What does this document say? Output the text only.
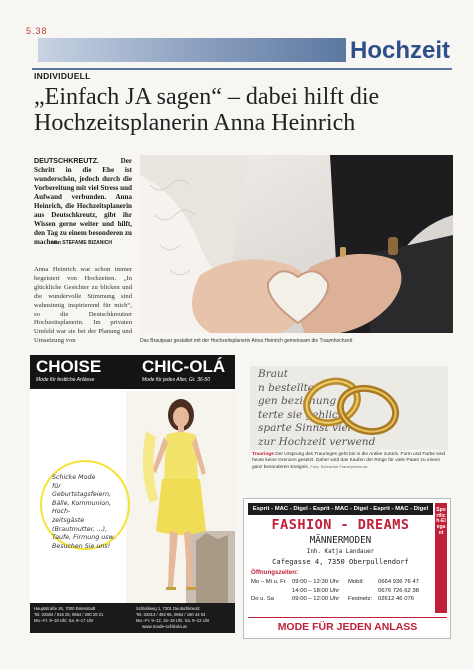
5.38
Hochzeit
INDIVIDUELL
„Einfach JA sagen“ – dabei hilft die
Hochzeitsplanerin Anna Heinrich
DEUTSCHKREUTZ.	Der Schritt in die Ehe ist wunderschön, jedoch durch die Vorbereitung mit viel Stress und Aufwand verbunden. Anna Heinrich, die Hochzeitsplanerin aus Deutschkreutz, gibt ihr Wissen gerne weiter und hilft, den Tag zu einem besonderen zu machen.
von STEFANIE BIZANICH
Anna Heinrich war schon immer begeistert von Hochzeiten. „In glückliche Gesichter zu blicken und die wundervolle Stimmung sind wahnsinnig inspirierend für mich“, so die Deutschkreutzer Hochzeitsplanerin. Im privaten Umfeld war sie bei der Planung und Umsetzung von	Das Brautpaar gestaltet mit der Hochzeitsplanerin Anna Heinrich gemeinsam die Traumhochzeit
CHOISE
Mode für festliche Anlässe
CHIC-OLÁ
Mode für jedes Alter, Gr. 36-50
Schicke Mode
für Geburtstagsfeiern,
Bälle, Kommunion, Hoch-
zeitsgäste (Brautmutter, ...),
Taufe, Firmung usw.
Besuchen Sie uns!
Hauptstraße 26, 7000 Eisenstadt
Tel. 02682 / 616 29, 0664 / 280 28 21
Mo.–Fr. 9–18 Uhr, Sa. 9–17 Uhr
Schloßweg 1, 7301 Deutschkreutz
Tel. 02613 / 492 65, 0664 / 160 44 04
Mo.–Fr. 9–12, 15–18 Uhr, Sa. 9–12 Uhr
www.mode-schikola.at
Braut
n bestellte
gen beziehung
terte sie gehlich.
sparte Sinnst viel
zur Hochzeit verwend
Trauringe Der Ursprung des Trauringes geht bis in die Antike zurück. Form und Farbe sind heute keine Grenzen gesetzt. Daher wird das Kaufen der Ringe für viele Paare zu einem ganz besonderen Ereignis. Foto: Schnecke Franz/pixelio.de
Esprit - MAC - Digel - Esprit - MAC - Digel - Esprit - MAC - Digel	Sportlich-Elegant
FASHION - DREAMS
MÄNNERMODEN
Inh. Katja Landauer
Cafegasse 4, 7350 Oberpullendorf
Öffnungszeiten:
Mo – Mi u. Fr 09:00 – 12:30 Uhr Mobil: 0664 936 76 47
14:00 – 18:00 Uhr	0676 726 62 38
Do u. Sa	09:00 – 12:00 Uhr Festnetz: 02612 46 076
MODE FÜR JEDEN ANLASS
